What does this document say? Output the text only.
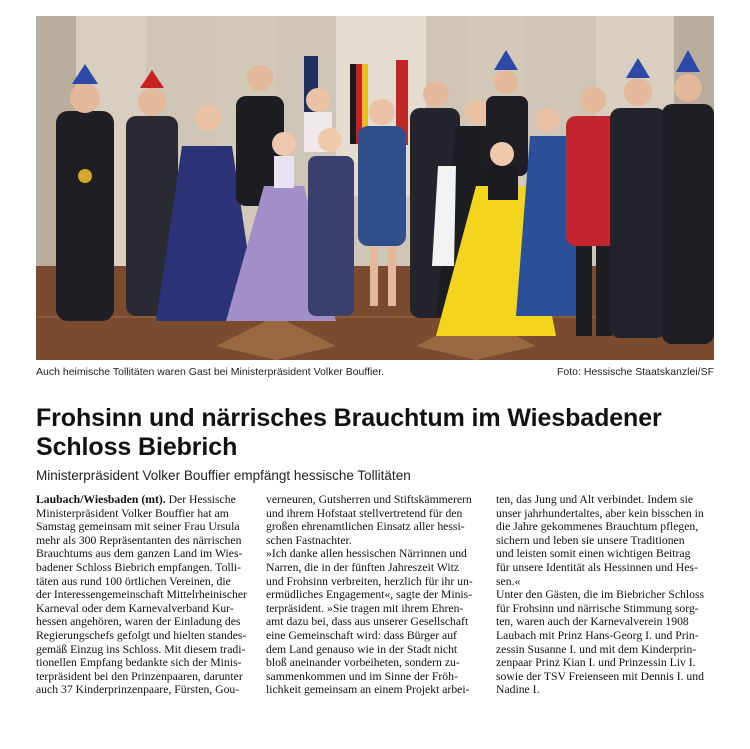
Auch heimische Tollitäten waren Gast bei Ministerpräsident Volker Bouffier.	Foto: Hessische Staatskanzlei/SF
Frohsinn und närrisches Brauchtum im Wiesbadener Schloss Biebrich

Ministerpräsident Volker Bouffier empfängt hessische Tollitäten

Laubach/Wiesbaden (mt). Der Hessische
Ministerpräsident Volker Bouffier hat am
Samstag gemeinsam mit seiner Frau Ursula
mehr als 300 Repräsentanten des närrischen
Brauchtums aus dem ganzen Land im Wies-
badener Schloss Biebrich empfangen. Tolli-
täten aus rund 100 örtlichen Vereinen, die
der Interessengemeinschaft Mittelrheinischer
Karneval oder dem Karnevalverband Kur-
hessen angehören, waren der Einladung des
Regierungschefs gefolgt und hielten standes-
gemäß Einzug ins Schloss. Mit diesem tradi-
tionellen Empfang bedankte sich der Minis-
terpräsident bei den Prinzenpaaren, darunter
auch 37 Kinderprinzenpaare, Fürsten, Gou-
verneuren, Gutsherren und Stiftskämmerern
und ihrem Hofstaat stellvertretend für den
großen ehrenamtlichen Einsatz aller hessi-
schen Fastnachter.
»Ich danke allen hessischen Närrinnen und
Narren, die in der fünften Jahreszeit Witz
und Frohsinn verbreiten, herzlich für ihr un-
ermüdliches Engagement«, sagte der Minis-
terpräsident. »Sie tragen mit ihrem Ehren-
amt dazu bei, dass aus unserer Gesellschaft
eine Gemeinschaft wird: dass Bürger auf
dem Land genauso wie in der Stadt nicht
bloß aneinander vorbeiheten, sondern zu-
sammenkommen und im Sinne der Fröh-
lichkeit gemeinsam an einem Projekt arbei-
ten, das Jung und Alt verbindet. Indem sie
unser jahrhundertaltes, aber kein bisschen in
die Jahre gekommenes Brauchtum pflegen,
sichern und leben sie unsere Traditionen
und leisten somit einen wichtigen Beitrag
für unsere Identität als Hessinnen und Hes-
sen.«
Unter den Gästen, die im Biebricher Schloss
für Frohsinn und närrische Stimmung sorg-
ten, waren auch der Karnevalverein 1908
Laubach mit Prinz Hans-Georg I. und Prin-
zessin Susanne I. und mit dem Kinderprin-
zenpaar Prinz Kian I. und Prinzessin Liv I.
sowie der TSV Freienseen mit Dennis I. und
Nadine I.
